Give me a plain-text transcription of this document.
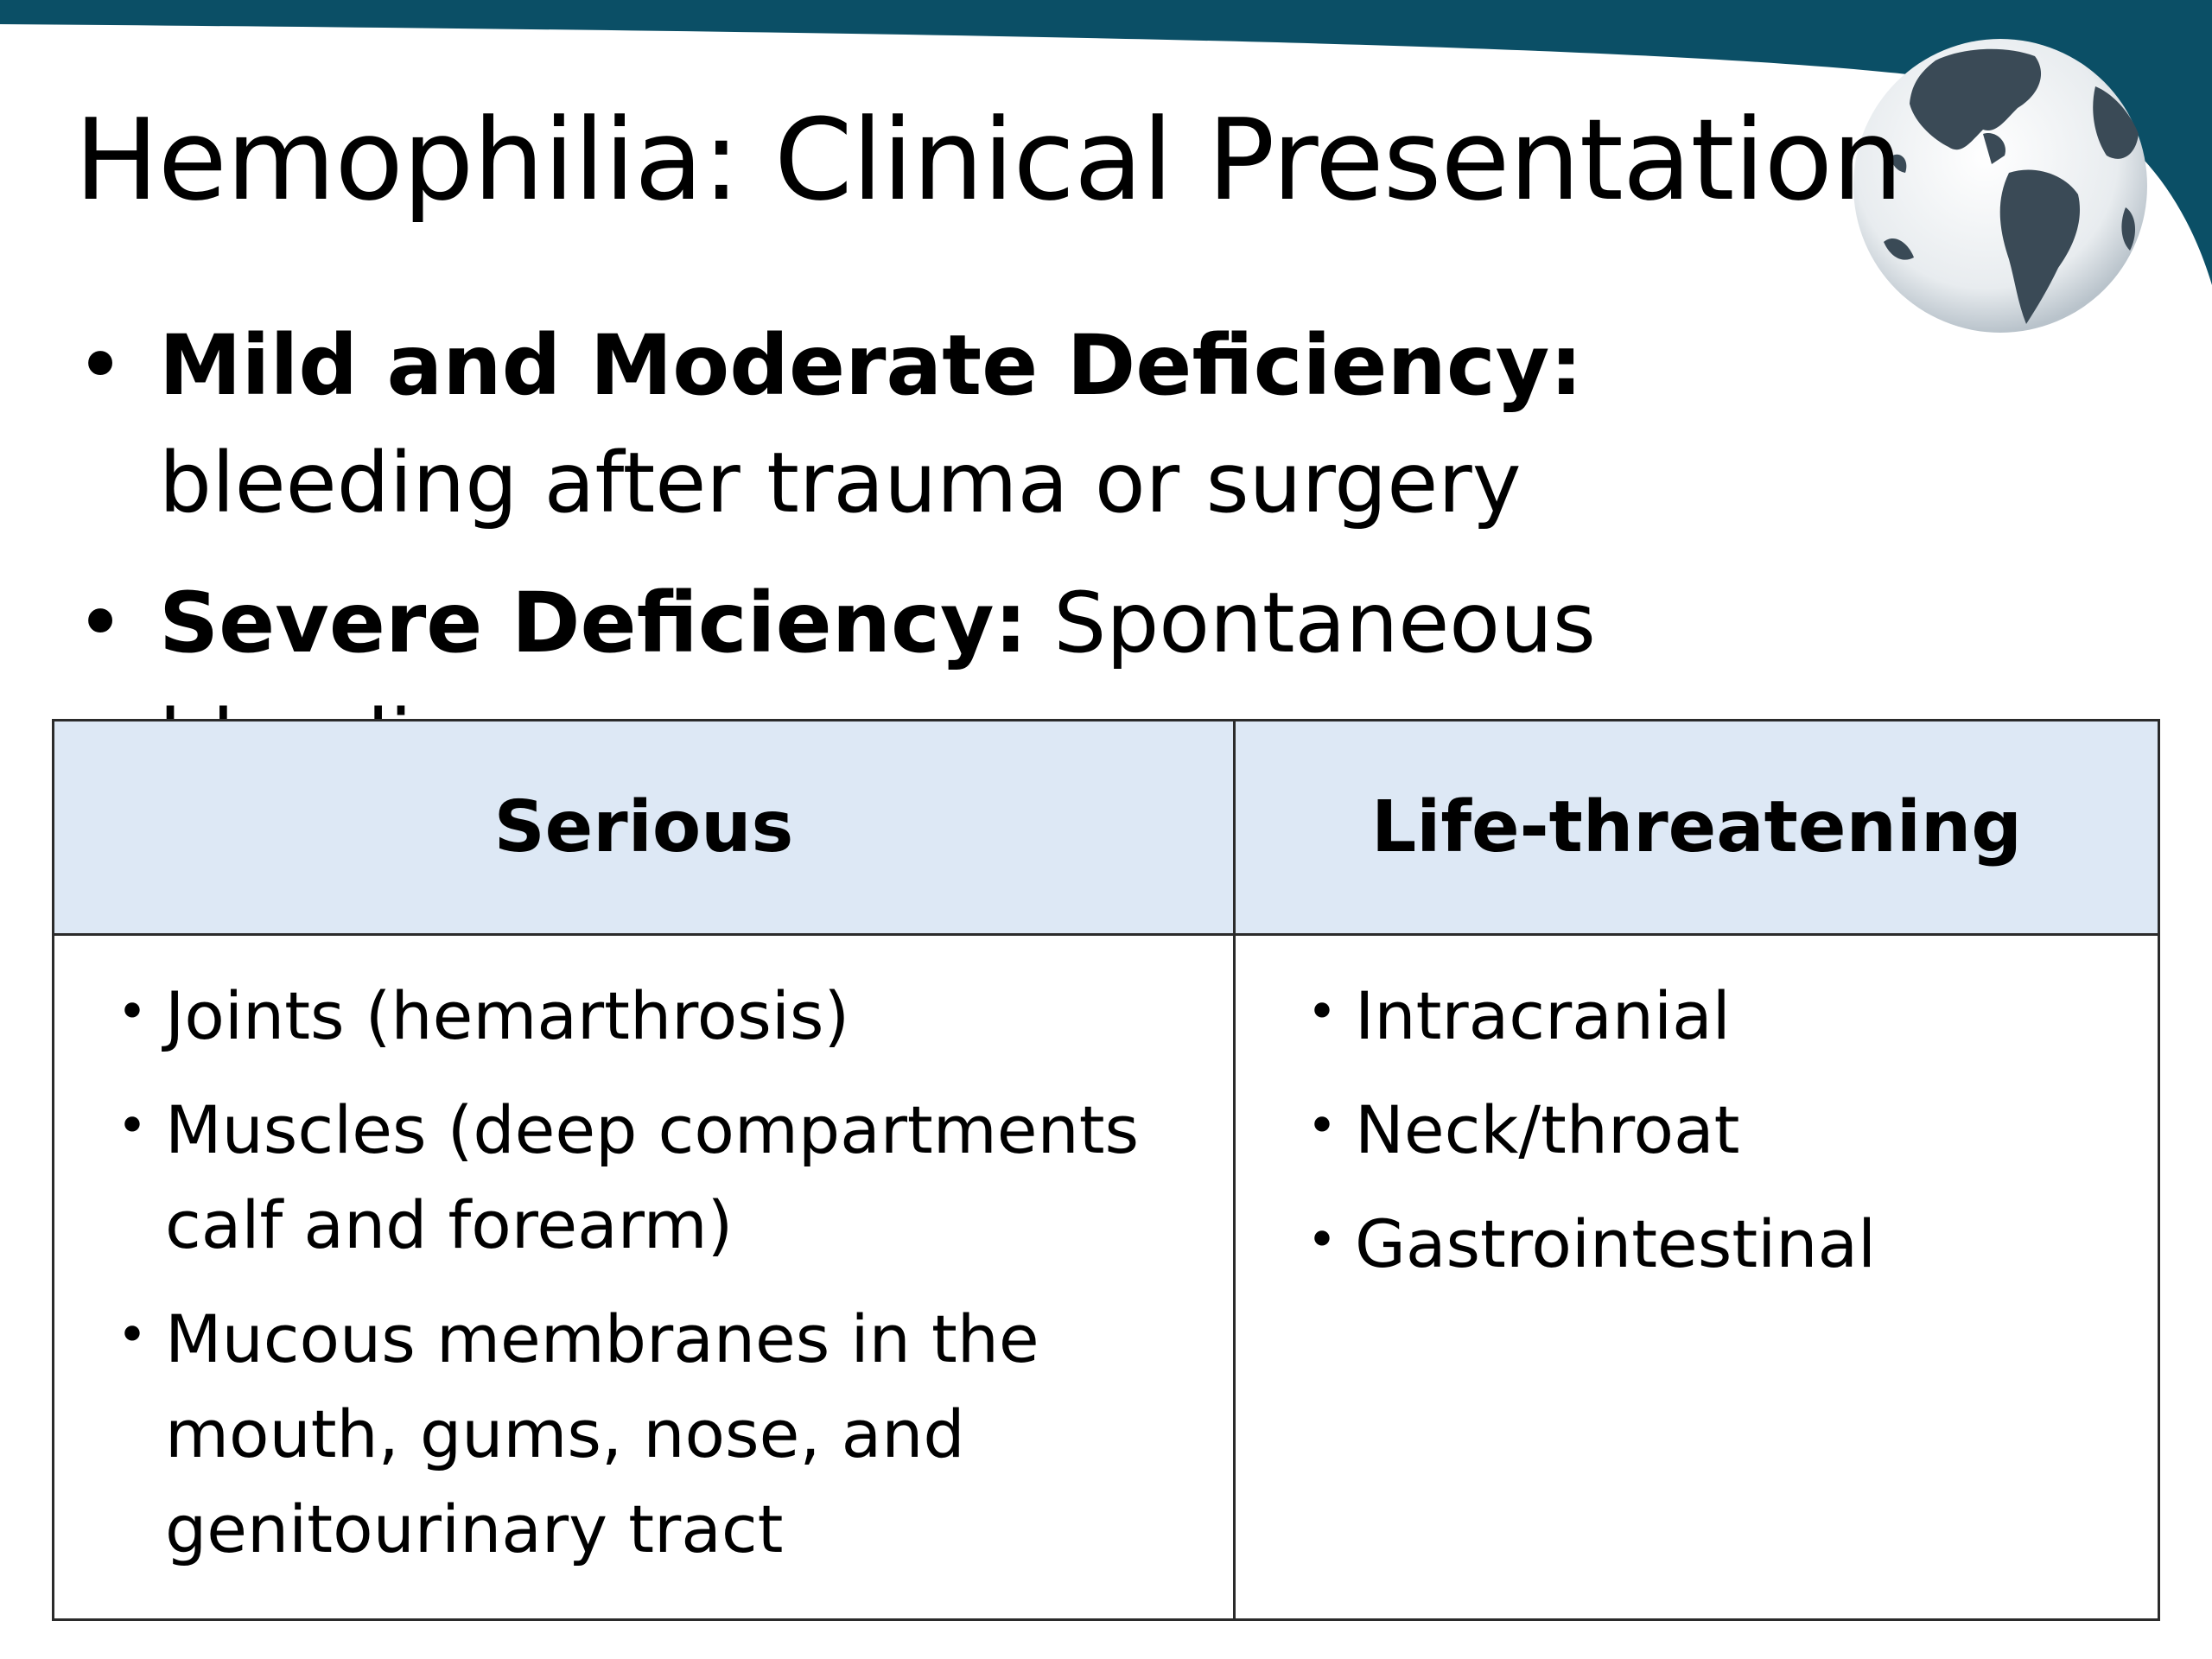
Hemophilia: Clinical Presentation
• Mild and Moderate Deficiency: bleeding after trauma or surgery
• Severe Deficiency: Spontaneous
Serious	Life-threatening
• Joints (hemarthrosis)
• Muscles (deep compartments calf and forearm)
• Mucous membranes in the mouth, gums, nose, and genitourinary tract
• Intracranial
• Neck/throat
• Gastrointestinal
